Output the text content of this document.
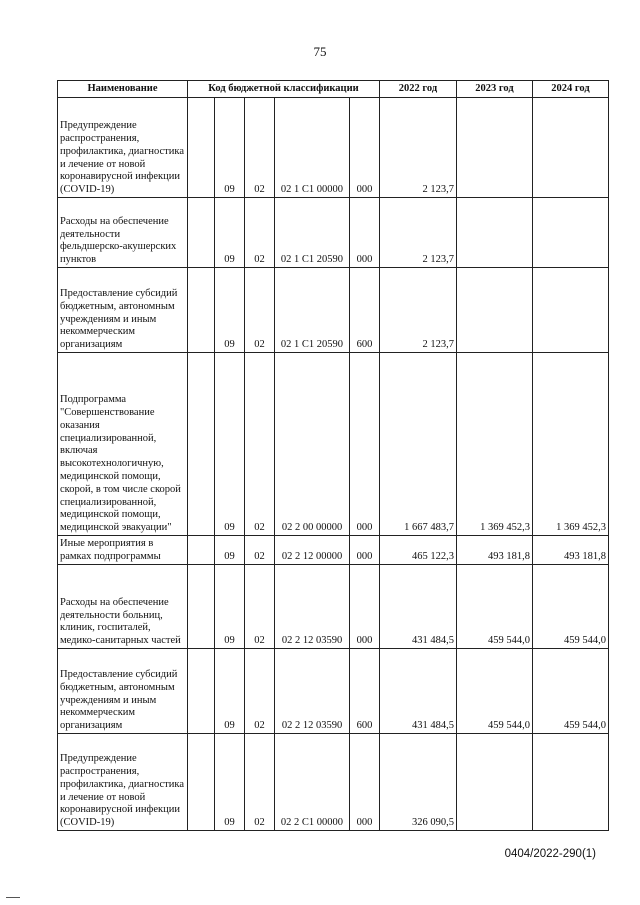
75
Наименование	Код бюджетной классификации					2022 год	2023 год	2024 год
Предупреждение распространения, профилактика, диагностика и лечение от новой коронавирусной инфекции (COVID-19)		09	02	02 1 С1 00000	000	2 123,7		
Расходы на обеспечение деятельности фельдшерско-акушерских пунктов		09	02	02 1 С1 20590	000	2 123,7		
Предоставление субсидий бюджетным, автономным учреждениям и иным некоммерческим организациям		09	02	02 1 С1 20590	600	2 123,7		
Подпрограмма "Совершенствование оказания специализированной, включая высокотехнологичную, медицинской помощи, скорой, в том числе скорой специализированной, медицинской помощи, медицинской эвакуации"		09	02	02 2 00 00000	000	1 667 483,7	1 369 452,3	1 369 452,3
Иные мероприятия в рамках подпрограммы		09	02	02 2 12 00000	000	465 122,3	493 181,8	493 181,8
Расходы на обеспечение деятельности больниц, клиник, госпиталей, медико-санитарных частей		09	02	02 2 12 03590	000	431 484,5	459 544,0	459 544,0
Предоставление субсидий бюджетным, автономным учреждениям и иным некоммерческим организациям		09	02	02 2 12 03590	600	431 484,5	459 544,0	459 544,0
Предупреждение распространения, профилактика, диагностика и лечение от новой коронавирусной инфекции (COVID-19)		09	02	02 2 С1 00000	000	326 090,5		
0404/2022-290(1)
